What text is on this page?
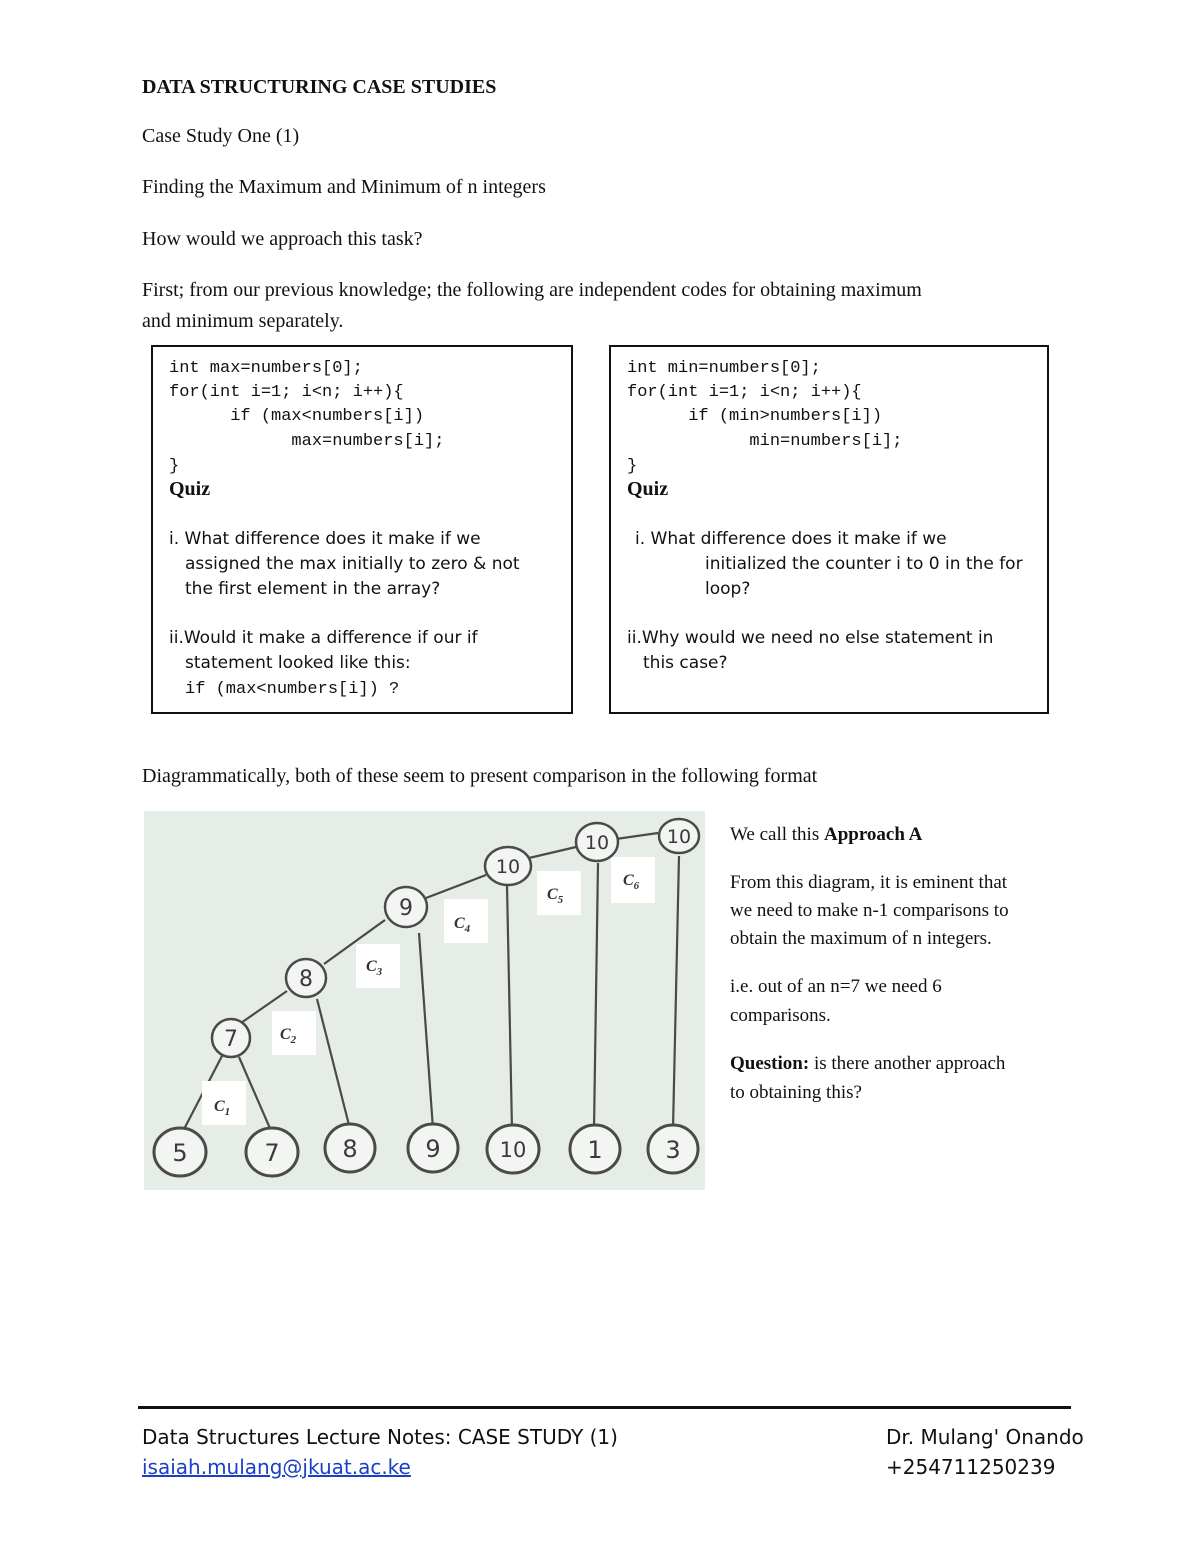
DATA STRUCTURING CASE STUDIES
Case Study One (1)
Finding the Maximum and Minimum of n integers
How would we approach this task?
First; from our previous knowledge; the following are independent codes for obtaining maximum
and minimum separately.
int max=numbers[0];
for(int i=1; i<n; i++){
if (max<numbers[i])
max=numbers[i];
}
Quiz
i. What difference does it make if we
assigned the max initially to zero & not
the first element in the array?
ii.Would it make a difference if our if
statement looked like this:
if (max<numbers[i]) ?
int min=numbers[0];
for(int i=1; i<n; i++){
if (min>numbers[i])
min=numbers[i];
}
Quiz
i. What difference does it make if we
initialized the counter i to 0 in the for
loop?
ii.Why would we need no else statement in
this case?
Diagrammatically, both of these seem to present comparison in the following format
$C_1$
$C_2$
$C_3$
$C_4$
$C_5$
$C_6$
7
8
9
10
10	10
5	7	8	9	10	1	3
We call this Approach A
From this diagram, it is eminent that
we need to make n-1 comparisons to
obtain the maximum of n integers.
i.e. out of an n=7 we need 6
comparisons.
Question: is there another approach
to obtaining this?
Data Structures Lecture Notes: CASE STUDY (1)
isaiah.mulang@jkuat.ac.ke
Dr. Mulang' Onando
+254711250239
